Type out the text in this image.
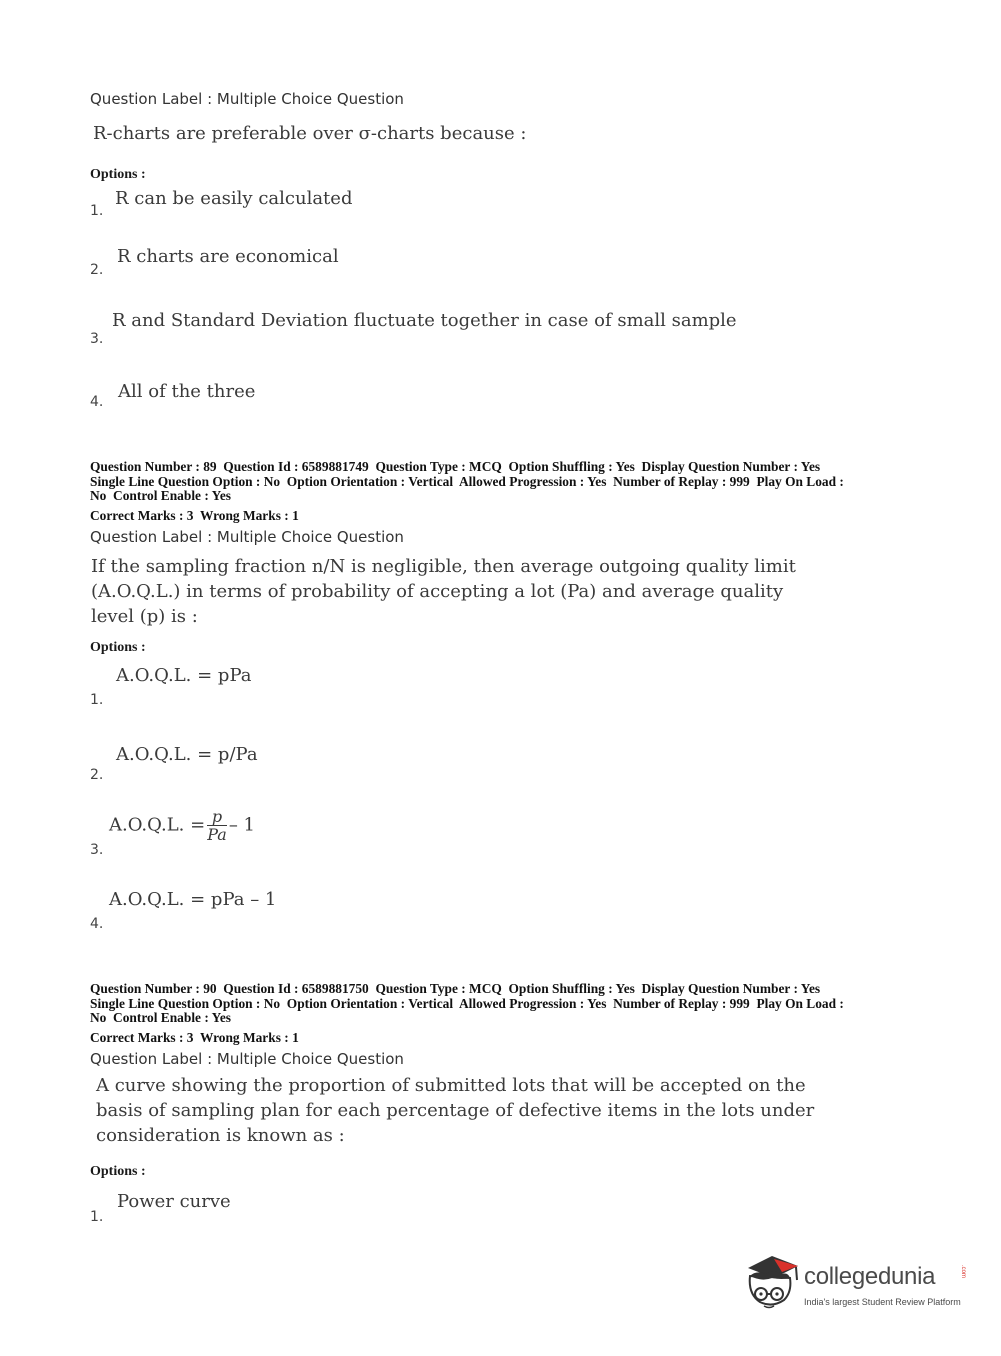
Question Label : Multiple Choice Question
R-charts are preferable over σ-charts because :
Options :
1.
R can be easily calculated
2.
R charts are economical
3.
R and Standard Deviation fluctuate together in case of small sample
4. All of the three
Question Number : 89  Question Id : 6589881749  Question Type : MCQ  Option Shuffling : Yes  Display Question Number : Yes
Single Line Question Option : No  Option Orientation : Vertical  Allowed Progression : Yes  Number of Replay : 999  Play On Load :
No  Control Enable : Yes
Correct Marks : 3  Wrong Marks : 1
Question Label : Multiple Choice Question
If the sampling fraction n/N is negligible, then average outgoing quality limit
(A.O.Q.L.) in terms of probability of accepting a lot (Pa) and average quality
level (p) is :
Options :
1.
A.O.Q.L. = pPa
2.
A.O.Q.L. = p/Pa
3.
A.O.Q.L. = $\frac{p}{Pa} - 1$
4.
A.O.Q.L. = pPa – 1
Question Number : 90  Question Id : 6589881750  Question Type : MCQ  Option Shuffling : Yes  Display Question Number : Yes
Single Line Question Option : No  Option Orientation : Vertical  Allowed Progression : Yes  Number of Replay : 999  Play On Load :
No  Control Enable : Yes
Correct Marks : 3  Wrong Marks : 1
Question Label : Multiple Choice Question
A curve showing the proportion of submitted lots that will be accepted on the
basis of sampling plan for each percentage of defective items in the lots under
consideration is known as :
Options :
1.
Power curve
collegedunia	.com
India's largest Student Review Platform
